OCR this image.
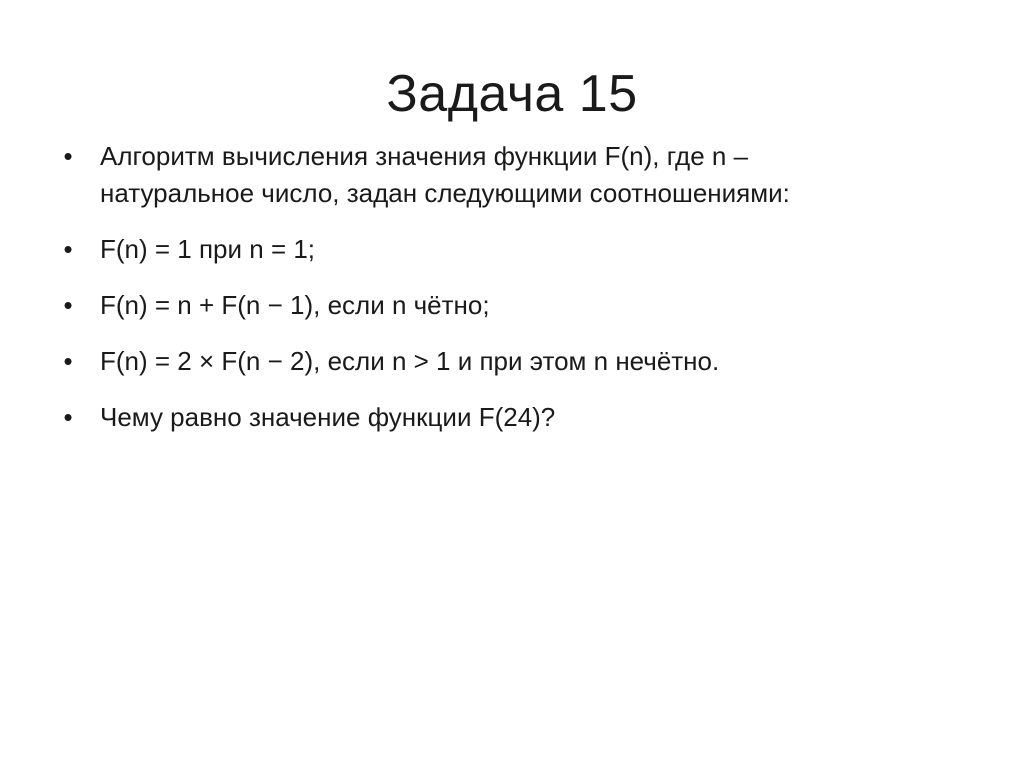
Задача 15
• Алгоритм вычисления значения функции F(n), где n –
натуральное число, задан следующими соотношениями:
• F(n) = 1 при n = 1;
• F(n) = n + F(n − 1), если n чётно;
• F(n) = 2 × F(n − 2), если n > 1 и при этом n нечётно.
• Чему равно значение функции F(24)?
